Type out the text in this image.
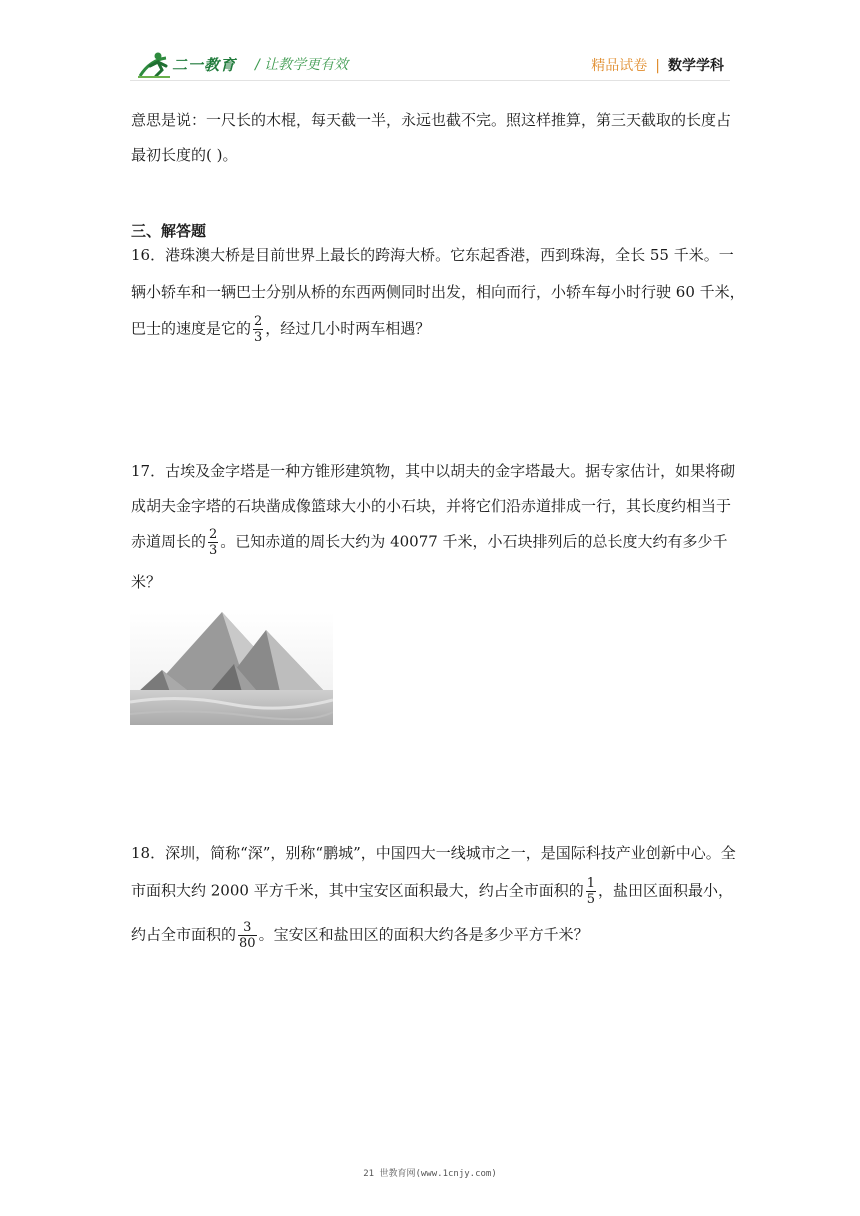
二一教育 / 让教学更有效	精品试卷 | 数学学科
意思是说：一尺长的木棍，每天截一半，永远也截不完。照这样推算，第三天截取的长度占
最初长度的( )。
三、解答题
16．港珠澳大桥是目前世界上最长的跨海大桥。它东起香港，西到珠海，全长 55 千米。一
辆小轿车和一辆巴士分别从桥的东西两侧同时出发，相向而行，小轿车每小时行驶 60 千米，
巴士的速度是它的 $\frac{2}{3}$ ，经过几小时两车相遇？
17．古埃及金字塔是一种方锥形建筑物，其中以胡夫的金字塔最大。据专家估计，如果将砌
成胡夫金字塔的石块凿成像篮球大小的小石块，并将它们沿赤道排成一行，其长度约相当于
赤道周长的 $\frac{2}{3}$ 。已知赤道的周长大约为 40077 千米，小石块排列后的总长度大约有多少千
米？
18．深圳，简称“深”，别称“鹏城”，中国四大一线城市之一，是国际科技产业创新中心。全
市面积大约 2000 平方千米，其中宝安区面积最大，约占全市面积的 $\frac{1}{5}$ ，盐田区面积最小，
约占全市面积的 $\frac{3}{80}$ 。宝安区和盐田区的面积大约各是多少平方千米？
21 世教育网(www.1cnjy.com)
